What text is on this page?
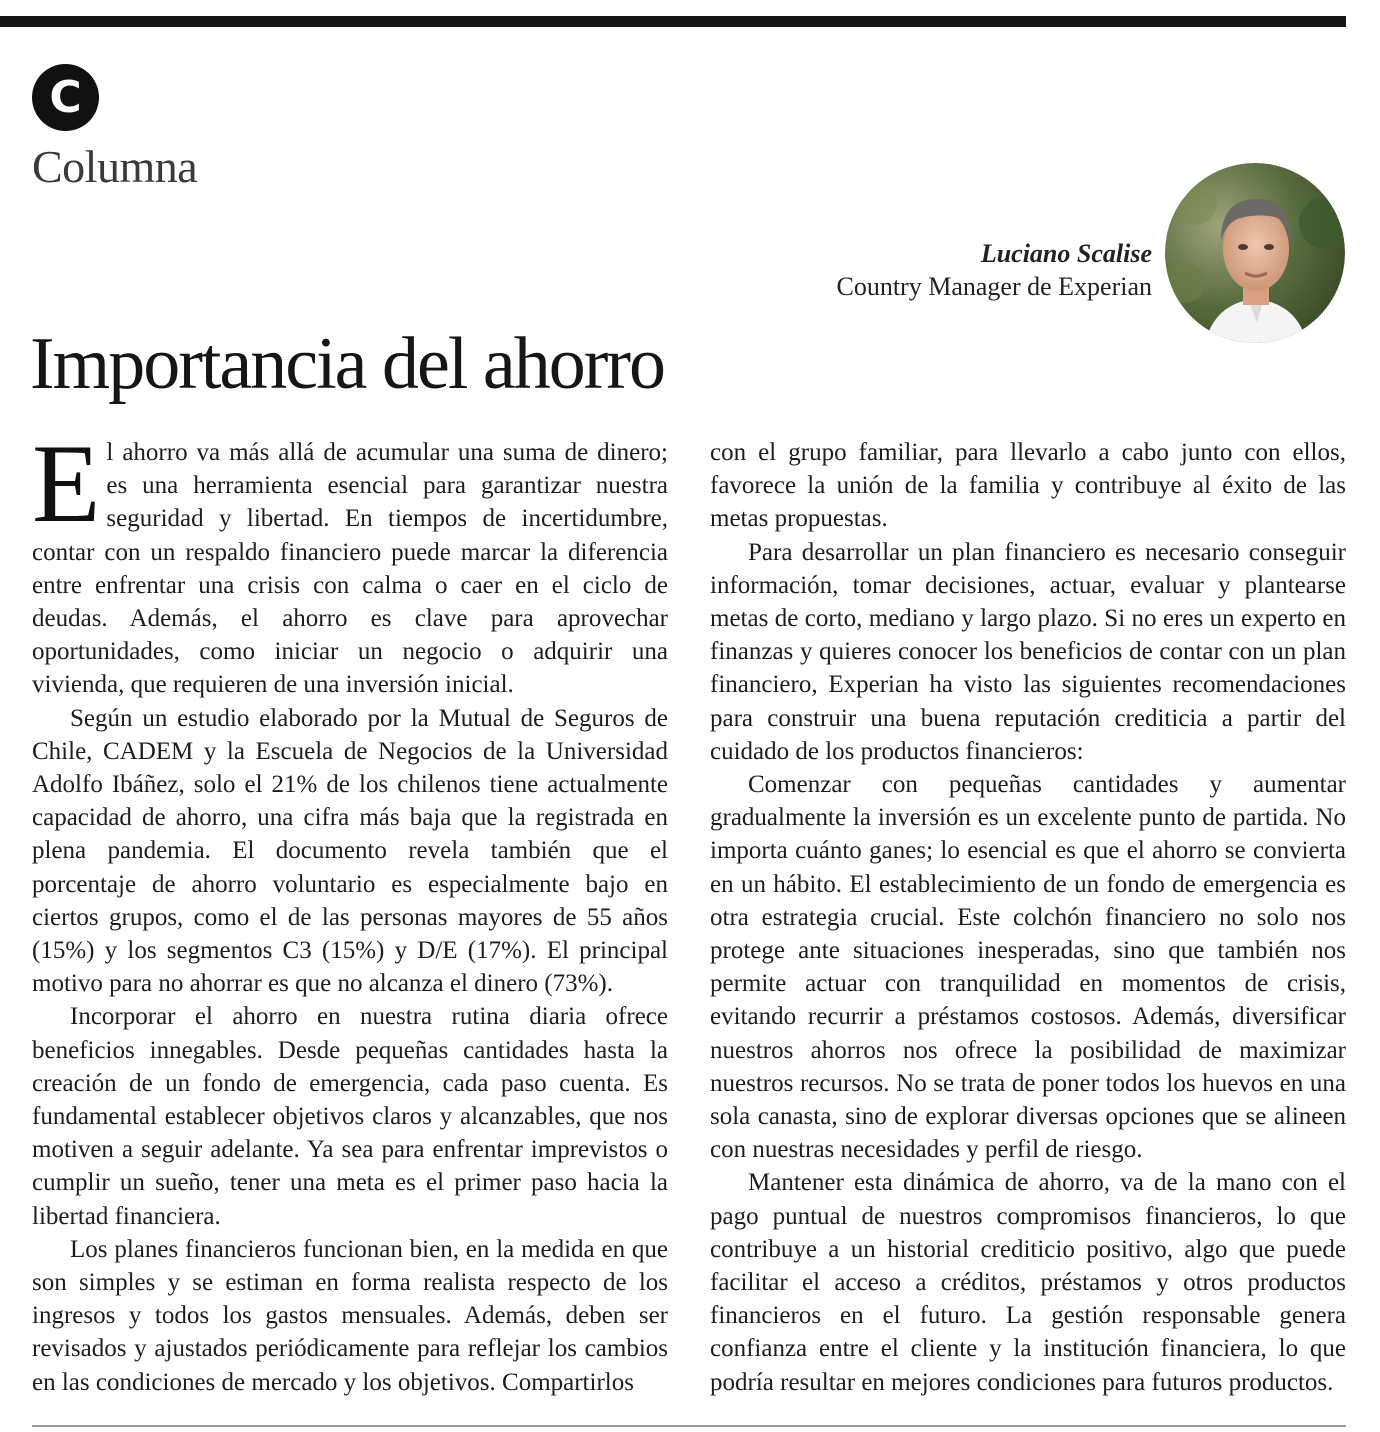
C
Columna
Luciano Scalise
Country Manager de Experian
Importancia del ahorro

El ahorro va más allá de acumular una suma de dinero; es una herramienta esencial para garantizar nuestra seguridad y libertad. En tiempos de incertidumbre, contar con un respaldo financiero puede marcar la diferencia entre enfrentar una crisis con calma o caer en el ciclo de deudas. Además, el ahorro es clave para aprovechar oportunidades, como iniciar un negocio o adquirir una vivienda, que requieren de una inversión inicial.

Según un estudio elaborado por la Mutual de Seguros de Chile, CADEM y la Escuela de Negocios de la Universidad Adolfo Ibáñez, solo el 21% de los chilenos tiene actualmente capacidad de ahorro, una cifra más baja que la registrada en plena pandemia. El documento revela también que el porcentaje de ahorro voluntario es especialmente bajo en ciertos grupos, como el de las personas mayores de 55 años (15%) y los segmentos C3 (15%) y D/E (17%). El principal motivo para no ahorrar es que no alcanza el dinero (73%).

Incorporar el ahorro en nuestra rutina diaria ofrece beneficios innegables. Desde pequeñas cantidades hasta la creación de un fondo de emergencia, cada paso cuenta. Es fundamental establecer objetivos claros y alcanzables, que nos motiven a seguir adelante. Ya sea para enfrentar imprevistos o cumplir un sueño, tener una meta es el primer paso hacia la libertad financiera.

Los planes financieros funcionan bien, en la medida en que son simples y se estiman en forma realista respecto de los ingresos y todos los gastos mensuales. Además, deben ser revisados y ajustados periódicamente para reflejar los cambios en las condiciones de mercado y los objetivos. Compartirlos

con el grupo familiar, para llevarlo a cabo junto con ellos, favorece la unión de la familia y contribuye al éxito de las metas propuestas.

Para desarrollar un plan financiero es necesario conseguir información, tomar decisiones, actuar, evaluar y plantearse metas de corto, mediano y largo plazo. Si no eres un experto en finanzas y quieres conocer los beneficios de contar con un plan financiero, Experian ha visto las siguientes recomendaciones para construir una buena reputación crediticia a partir del cuidado de los productos financieros:

Comenzar con pequeñas cantidades y aumentar gradualmente la inversión es un excelente punto de partida. No importa cuánto ganes; lo esencial es que el ahorro se convierta en un hábito. El establecimiento de un fondo de emergencia es otra estrategia crucial. Este colchón financiero no solo nos protege ante situaciones inesperadas, sino que también nos permite actuar con tranquilidad en momentos de crisis, evitando recurrir a préstamos costosos. Además, diversificar nuestros ahorros nos ofrece la posibilidad de maximizar nuestros recursos. No se trata de poner todos los huevos en una sola canasta, sino de explorar diversas opciones que se alineen con nuestras necesidades y perfil de riesgo.

Mantener esta dinámica de ahorro, va de la mano con el pago puntual de nuestros compromisos financieros, lo que contribuye a un historial crediticio positivo, algo que puede facilitar el acceso a créditos, préstamos y otros productos financieros en el futuro. La gestión responsable genera confianza entre el cliente y la institución financiera, lo que podría resultar en mejores condiciones para futuros productos.
